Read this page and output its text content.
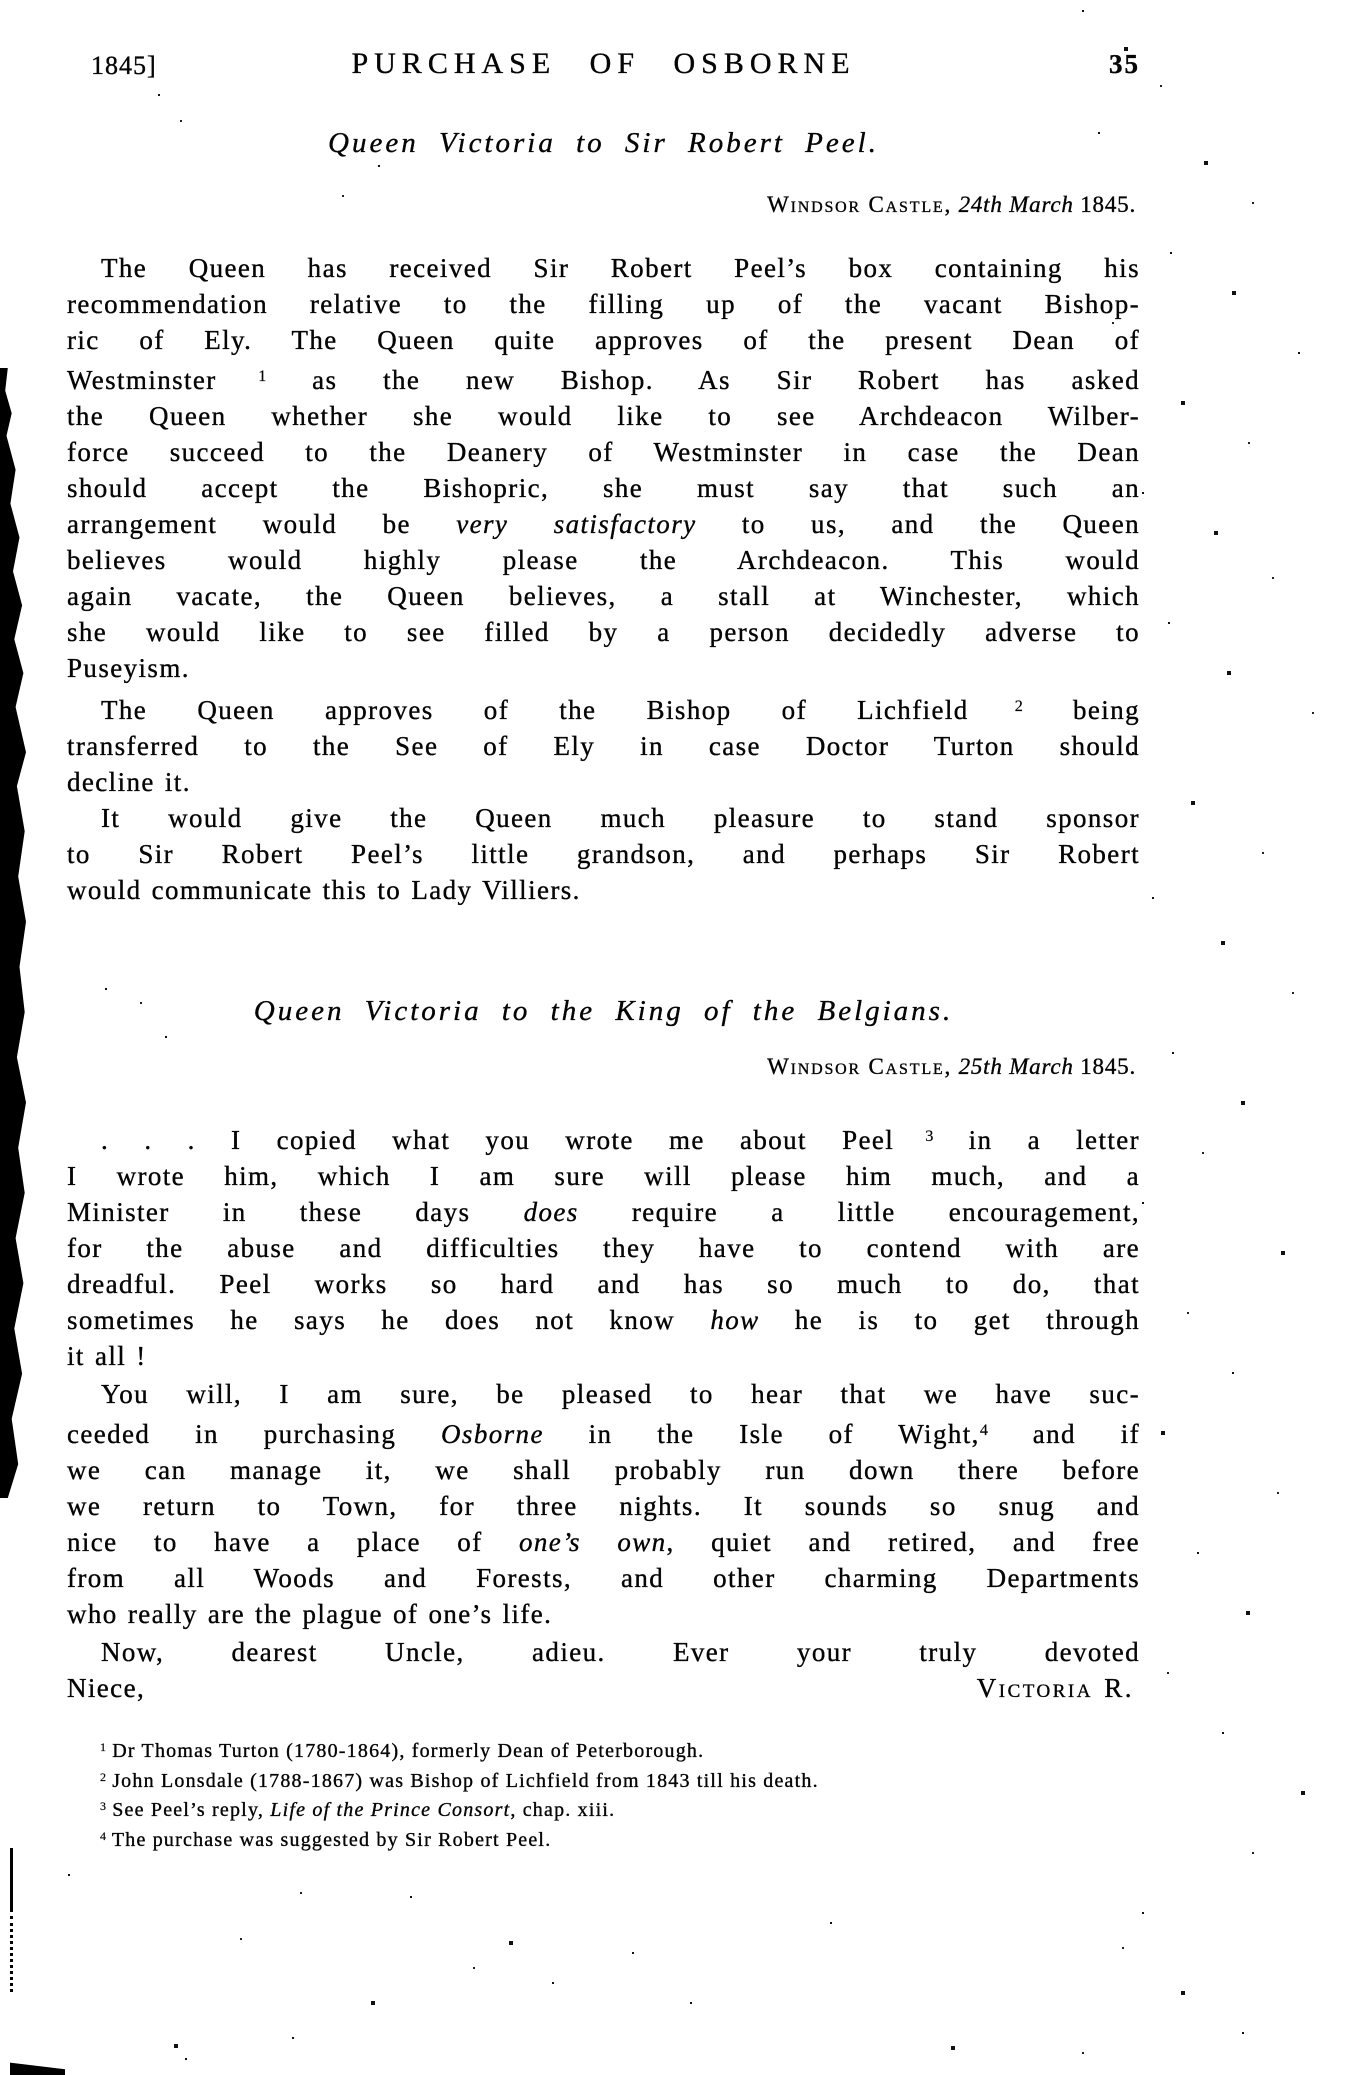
1845]	PURCHASE OF OSBORNE	35
Queen Victoria to Sir Robert Peel.
Windsor Castle, 24th March 1845.
The Queen has received Sir Robert Peel’s box containing his
recommendation relative to the filling up of the vacant Bishop-
ric of Ely. The Queen quite approves of the present Dean of
Westminster $^1$ as the new Bishop. As Sir Robert has asked
the Queen whether she would like to see Archdeacon Wilber-
force succeed to the Deanery of Westminster in case the Dean
should accept the Bishopric, she must say that such an
arrangement would be very satisfactory to us, and the Queen
believes would highly please the Archdeacon. This would
again vacate, the Queen believes, a stall at Winchester, which
she would like to see filled by a person decidedly adverse to
Puseyism.
The Queen approves of the Bishop of Lichfield $^2$ being
transferred to the See of Ely in case Doctor Turton should
decline it.
It would give the Queen much pleasure to stand sponsor
to Sir Robert Peel’s little grandson, and perhaps Sir Robert
would communicate this to Lady Villiers.
Queen Victoria to the King of the Belgians.
Windsor Castle, 25th March 1845.
. . . I copied what you wrote me about Peel $^3$ in a letter
I wrote him, which I am sure will please him much, and a
Minister in these days does require a little encouragement,
for the abuse and difficulties they have to contend with are
dreadful. Peel works so hard and has so much to do, that
sometimes he says he does not know how he is to get through
it all !
You will, I am sure, be pleased to hear that we have suc-
ceeded in purchasing Osborne in the Isle of Wight,$^4$ and if
we can manage it, we shall probably run down there before
we return to Town, for three nights. It sounds so snug and
nice to have a place of one’s own, quiet and retired, and free
from all Woods and Forests, and other charming Departments
who really are the plague of one’s life.
Now, dearest Uncle, adieu. Ever your truly devoted
Niece,	Victoria R.
$^1$ Dr Thomas Turton (1780-1864), formerly Dean of Peterborough.
$^2$ John Lonsdale (1788-1867) was Bishop of Lichfield from 1843 till his death.
$^3$ See Peel’s reply, Life of the Prince Consort, chap. xiii.
$^4$ The purchase was suggested by Sir Robert Peel.
